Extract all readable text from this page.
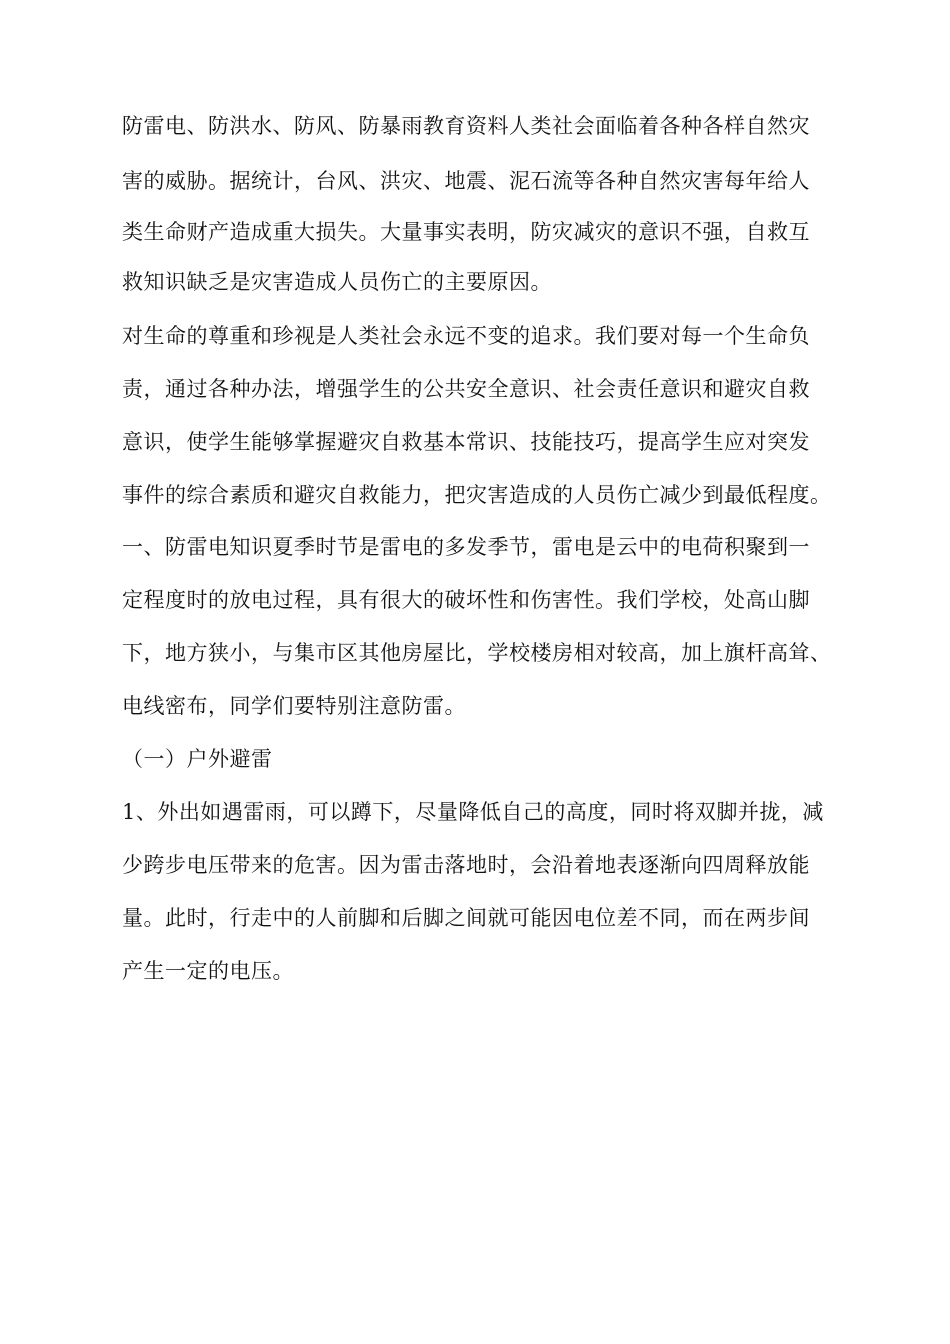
防雷电、防洪水、防风、防暴雨教育资料人类社会面临着各种各样自然灾
害的威胁。据统计，台风、洪灾、地震、泥石流等各种自然灾害每年给人
类生命财产造成重大损失。大量事实表明，防灾减灾的意识不强，自救互
救知识缺乏是灾害造成人员伤亡的主要原因。
对生命的尊重和珍视是人类社会永远不变的追求。我们要对每一个生命负
责，通过各种办法，增强学生的公共安全意识、社会责任意识和避灾自救
意识，使学生能够掌握避灾自救基本常识、技能技巧，提高学生应对突发
事件的综合素质和避灾自救能力，把灾害造成的人员伤亡减少到最低程度。
一、防雷电知识夏季时节是雷电的多发季节，雷电是云中的电荷积聚到一
定程度时的放电过程，具有很大的破坏性和伤害性。我们学校，处高山脚
下，地方狭小，与集市区其他房屋比，学校楼房相对较高，加上旗杆高耸、
电线密布，同学们要特别注意防雷。
（一）户外避雷
1、外出如遇雷雨，可以蹲下，尽量降低自己的高度，同时将双脚并拢，减
少跨步电压带来的危害。因为雷击落地时，会沿着地表逐渐向四周释放能
量。此时，行走中的人前脚和后脚之间就可能因电位差不同，而在两步间
产生一定的电压。
